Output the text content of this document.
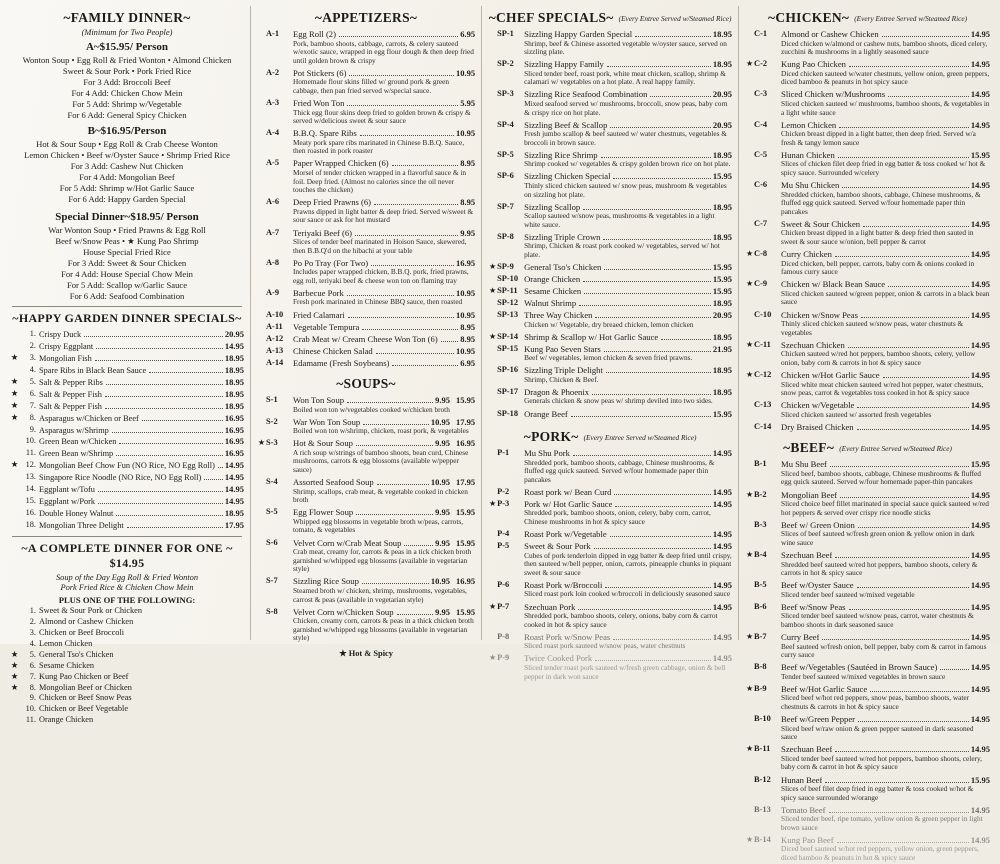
~FAMILY DINNER~
(Minimum for Two People)
A~$15.95/ Person
Wonton Soup • Egg Roll & Fried Wonton • Almond Chicken
Sweet & Sour Pork • Pork Fried Rice
For 3 Add: Broccoli Beef
For 4 Add: Chicken Chow Mein
For 5 Add: Shrimp w/Vegetable
For 6 Add: General Spicy Chicken
B~$16.95/Person
Hot & Sour Soup • Egg Roll & Crab Cheese Wonton
Lemon Chicken • Beef w/Oyster Sauce • Shrimp Fried Rice
For 3 Add: Cashew Nut Chicken
For 4 Add: Mongolian Beef
For 5 Add: Shrimp w/Hot Garlic Sauce
For 6 Add: Happy Garden Special
Special Dinner~$18.95/ Person
War Wonton Soup • Fried Prawns & Egg Roll
Beef w/Snow Peas • ★ Kung Pao Shrimp
House Special Fried Rice
For 3 Add: Sweet & Sour Chicken
For 4 Add: House Special Chow Mein
For 5 Add: Scallop w/Garlic Sauce
For 6 Add: Seafood Combination
~HAPPY GARDEN DINNER SPECIALS~
1. Crispy Duck	20.95
2. Crispy Eggplant	14.95
★	3. Mongolian Fish	18.95
4. Spare Ribs in Black Bean Sauce	18.95
★	5. Salt & Pepper Ribs	18.95
★	6. Salt & Pepper Fish	18.95
★	7. Salt & Pepper Fish	18.95
★	8. Asparagus w/Chicken or Beef	16.95
9. Asparagus w/Shrimp	16.95
10. Green Bean w/Chicken	16.95
11. Green Bean w/Shrimp	16.95
★ 12. Mongolian Beef Chow Fun (NO Rice, NO Egg Roll) 14.95
13. Singapore Rice Noodle (NO Rice, NO Egg Roll)	14.95
14. Eggplant w/Tofu	14.95
15. Eggplant w/Pork	14.95
16. Double Honey Walnut	18.95
18. Mongolian Three Delight	17.95
~A COMPLETE DINNER FOR ONE ~ $14.95
Soup of the Day Egg Roll & Fried Wonton
Pork Fried Rice & Chicken Chow Mein
PLUS ONE OF THE FOLLOWING:
1. Sweet & Sour Pork or Chicken
2. Almond or Cashew Chicken
3. Chicken or Beef Broccoli
4. Lemon Chicken
★	5. General Tso's Chicken
★	6. Sesame Chicken
★	7. Kung Pao Chicken or Beef
★	8. Mongolian Beef or Chicken
9. Chicken or Beef Snow Peas
10. Chicken or Beef Vegetable
11. Orange Chicken
~APPETIZERS~
A-1	Egg Roll (2)	6.95
Pork, bamboo shoots, cabbage, carrots, & celery sauteed w/exotic sauce, wrapped in egg flour dough & then deep fried until golden brown & crispy
A-2	Pot Stickers (6)	10.95
Homemade flour skins filled w/ ground pork & green cabbage, then pan fried served w/special sauce.
A-3	Fried Won Ton	5.95
Thick egg flour skins deep fried to golden brown & crispy & served w/delicious sweet & sour sauce
A-4	B.B.Q. Spare Ribs	10.95
Meaty pork spare ribs marinated in Chinese B.B.Q. Sauce, then roasted in pork roaster
A-5	Paper Wrapped Chicken (6)	8.95
Morsel of tender chicken wrapped in a flavorful sauce & in foil. Deep fried. (Almost no calories since the oil never touches the chicken)
A-6	Deep Fried Prawns (6)	8.95
Prawns dipped in light batter & deep fried. Served w/sweet & sour sauce or ask for hot mustard
A-7	Teriyaki Beef (6)	9.95
Slices of tender beef marinated in Hoison Sauce, skewered, then B.B.Q'd on the hibachi at your table
A-8	Po Po Tray (For Two)	16.95
Includes paper wrapped chicken, B.B.Q. pork, fried prawns, egg roll, teriyaki beef & cheese won ton on flaming tray
A-9	Barbecue Pork	10.95
Fresh pork marinated in Chinese BBQ sauce, then roasted
A-10	Fried Calamari	10.95
A-11	Vegetable Tempura	8.95
A-12	Crab Meat w/ Cream Cheese Won Ton (6)	8.95
A-13	Chinese Chicken Salad	10.95
A-14	Edamame (Fresh Soybeans)	6.95
~SOUPS~
S-1	Won Ton Soup	9.95 15.95
Boiled won ton w/vegetables cooked w/chicken broth
S-2	War Won Ton Soup	10.95 17.95
Boiled won ton w/shrimp, chicken, roast pork, & vegetables
★ S-3	Hot & Sour Soup	9.95 16.95
A rich soup w/strings of bamboo shoots, bean curd, Chinese mushrooms, carrots & egg blossoms (available w/pepper sauce)
S-4	Assorted Seafood Soup	10.95 17.95
Shrimp, scallops, crab meat, & vegetable cooked in chicken broth
S-5	Egg Flower Soup	9.95 15.95
Whipped egg blossoms in vegetable broth w/peas, carrots, tomato, & vegetables
S-6	Velvet Corn w/Crab Meat Soup	9.95 15.95
Crab meat, creamy for, carrots & peas in a tick chicken broth garnished w/whipped egg blossoms (available in vegetarian style)
S-7	Sizzling Rice Soup	10.95 16.95
Steamed broth w/ chicken, shrimp, mushrooms, vegetables, carrost & peas (available in vegetarian style)
S-8	Velvet Corn w/Chicken Soup	9.95 15.95
Chicken, creamy corn, carrots & peas in a thick chicken broth garnished w/whipped egg blossoms (available in vegetarian style)
★ Hot & Spicy
~CHEF SPECIALS~ (Every Entree Served w/Steamed Rice)
SP-1	Sizzling Happy Garden Special	18.95
Shrimp, beef & Chinese assorted vegetable w/oyster sauce, served on sizzling plate.
SP-2	Sizzling Happy Family	18.95
Sliced tender beef, roast pork, white meat chicken, scallop, shrimp & calamari w/ vegetables on a hot plate. A real happy family.
SP-3	Sizzling Rice Seafood Combination	20.95
Mixed seafood served w/ mushrooms, broccoli, snow peas, baby corn & crispy rice on hot plate.
SP-4	Sizzling Beef & Scallop	20.95
Fresh jumbo scallop & beef sauteed w/ water chestnuts, vegetables & broccoli in brown sauce.
SP-5	Sizzling Rice Shrimp	18.95
Shrimp cooked w/ vegetables & crispy golden brown rice on hot plate.
SP-6	Sizzling Chicken Special	15.95
Thinly sliced chicken sauteed w/ snow peas, mushroom & vegetables on sizzling hot plate.
SP-7	Sizzling Scallop	18.95
Scallop sauteed w/snow peas, mushrooms & vegetables in a light white sauce.
SP-8	Sizzling Triple Crown	18.95
Shrimp, Chicken & roast pork cooked w/ vegetables, served w/ hot plate.
★ SP-9	General Tso's Chicken	15.95
SP-10 Orange Chicken	15.95
★ SP-11 Sesame Chicken	15.95
SP-12 Walnut Shrimp	18.95
SP-13 Three Way Chicken	20.95
Chicken w/ Vegetable, dry breaed chicken, lemon chicken
★ SP-14 Shrimp & Scallop w/ Hot Garlic Sauce	18.95
SP-15 Kung Pao Seven Stars	21.95
Beef w/ vegetables, lemon chicken & seven fried prawns.
SP-16 Sizzling Triple Delight	18.95
Shrimp, Chicken & Beef.
SP-17 Dragon & Phoenix	18.95
Generals chicken & snow peas w/ shrimp deviled into two sides.
SP-18 Orange Beef	15.95
~PORK~ (Every Entree Served w/Steamed Rice)
P-1	Mu Shu Pork	14.95
Shredded pork, bamboo shoots, cabbage, Chinese mushrooms, & fluffed egg quick sauteed. Served w/four homemade paper thin pancakes
P-2	Roast pork w/ Bean Curd	14.95
★ P-3	Pork w/ Hot Garlic Sauce	14.95
Shredded pork, bamboo shoots, onion, celery, baby corn, carrot, Chinese mushrooms in hot & spicy sauce
P-4	Roast Pork w/Vegetable	14.95
P-5	Sweet & Sour Pork	14.95
Cubes of pork tenderloin dipped in egg batter & deep fried until crispy, then sauteed w/bell pepper, onion, carrots, pineapple chunks in piquant sweet & sour sauce
P-6	Roast Pork w/Broccoli	14.95
Sliced roast pork loin cooked w/broccoli in deliciously seasoned sauce
★ P-7	Szechuan Pork	14.95
Shredded pork, bamboo shoots, celery, onions, baby corn & carrot cooked in hot & spicy sauce
P-8	Roast Pork w/Snow Peas	14.95
Sliced roast pork sauteed w/snow peas, water chestnuts
★ P-9	Twice Cooked Pork	14.95
Sliced tender roast pork sauteed w/fresh green cabbage, onion & bell pepper in dark won sauce
~CHICKEN~ (Every Entree Served w/Steamed Rice)
C-1	Almond or Cashew Chicken	14.95
Diced chicken w/almond or cashew nuts, bamboo shoots, diced celery, zucchini & mushrooms in a lightly seasoned sauce
★ C-2	Kung Pao Chicken	14.95
Diced chicken sauteed w/water chestnuts, yellow onion, green peppers, diced bamboo & peanuts in hot spicy sauce
C-3	Sliced Chicken w/Mushrooms	14.95
Sliced chicken sauteed w/ mushrooms, bamboo shoots, & vegetables in a light white sauce
C-4	Lemon Chicken	14.95
Chicken breast dipped in a light batter, then deep fried. Served w/a fresh & tangy lemon sauce
C-5	Hunan Chicken	15.95
Slices of chicken filet deep fried in egg batter & toss cooked w/ hot & spicy sauce. Surrounded w/celery
C-6	Mu Shu Chicken	14.95
Shredded chicken, bamboo shoots, cabbage, Chinese mushrooms, & fluffed egg quick sauteed. Served w/four homemade paper thin pancakes
C-7	Sweet & Sour Chicken	14.95
Chicken breast dipped in a light batter & deep fried then sauted in sweet & sour sauce w/onion, bell pepper & carrot
★ C-8	Curry Chicken	14.95
Diced chicken, bell pepper, carrots, baby corn & onions cooked in famous curry sauce
★ C-9	Chicken w/ Black Bean Sauce	14.95
Sliced chicken sauteed w/green pepper, onion & carrots in a black bean sauce
C-10	Chicken w/Snow Peas	14.95
Thinly sliced chicken sauteed w/snow peas, water chestnuts & vegetables
★ C-11	Szechuan Chicken	14.95
Chicken sauteed w/red hot peppers, bamboo shoots, celery, yellow onion, baby corn & carrots in hot & spicy sauce
★ C-12	Chicken w/Hot Garlic Sauce	14.95
Sliced white meat chicken sauteed w/red hot pepper, water chestnuts, snow peas, carrot & vegetables toss cooked in hot & spicy sauce
C-13	Chicken w/Vegetable	14.95
Sliced chicken sauteed w/ assorted fresh vegetables
C-14	Dry Braised Chicken	14.95
~BEEF~ (Every Entree Served w/Steamed Rice)
B-1	Mu Shu Beef	15.95
Sliced beef, bamboo shoots, cabbage, Chinese mushrooms & fluffed egg quick sauteed. Served w/four homemade paper-thin pancakes
★ B-2	Mongolian Beef	14.95
Sliced choice beef fillet marinated in special sauce quick sauteed w/red hot peppers & served over crispy rice noodle sticks
B-3	Beef w/ Green Onion	14.95
Slices of beef sauteed w/fresh green onion & yellow onion in dark wine sauce
★ B-4	Szechuan Beef	14.95
Shredded beef sauteed w/red hot peppers, bamboo shoots, celery & carrots in hot & spicy sauce
B-5	Beef w/Oyster Sauce	14.95
Sliced tender beef sauteed w/mixed vegetable
B-6	Beef w/Snow Peas	14.95
Sliced tender beef sauteed w/snow peas, carrot, water chestnuts & bamboo shoots in dark seasoned sauce
★ B-7	Curry Beef	14.95
Beef sauteed w/fresh onion, bell pepper, baby corn & carrot in famous curry sauce
B-8	Beef w/Vegetables (Sautéed in Brown Sauce)	14.95
Tender beef sauteed w/mixed vegetables in brown sauce
★ B-9	Beef w/Hot Garlic Sauce	14.95
Sliced beef w/hot red peppers, snow peas, bamboo shoots, water chestnuts & carrots in hot & spicy sauce
B-10	Beef w/Green Pepper	14.95
Sliced beef w/raw onion & green pepper sauteed in dark seasoned sauce
★ B-11	Szechuan Beef	14.95
Sliced tender beef sauteed w/red hot peppers, bamboo shoots, celery, baby corn & carrot in hot & spicy sauce
B-12	Hunan Beef	15.95
Slices of beef filet deep fried in egg batter & toss cooked w/hot & spicy sauce surrounded w/orange
B-13	Tomato Beef	14.95
Sliced tender beef, ripe tomato, yellow onion & green pepper in light brown sauce
★ B-14	Kung Pao Beef	14.95
Diced beef sauteed w/hot red peppers, yellow onion, green peppers, diced bamboo & peanuts in hot & spicy sauce
